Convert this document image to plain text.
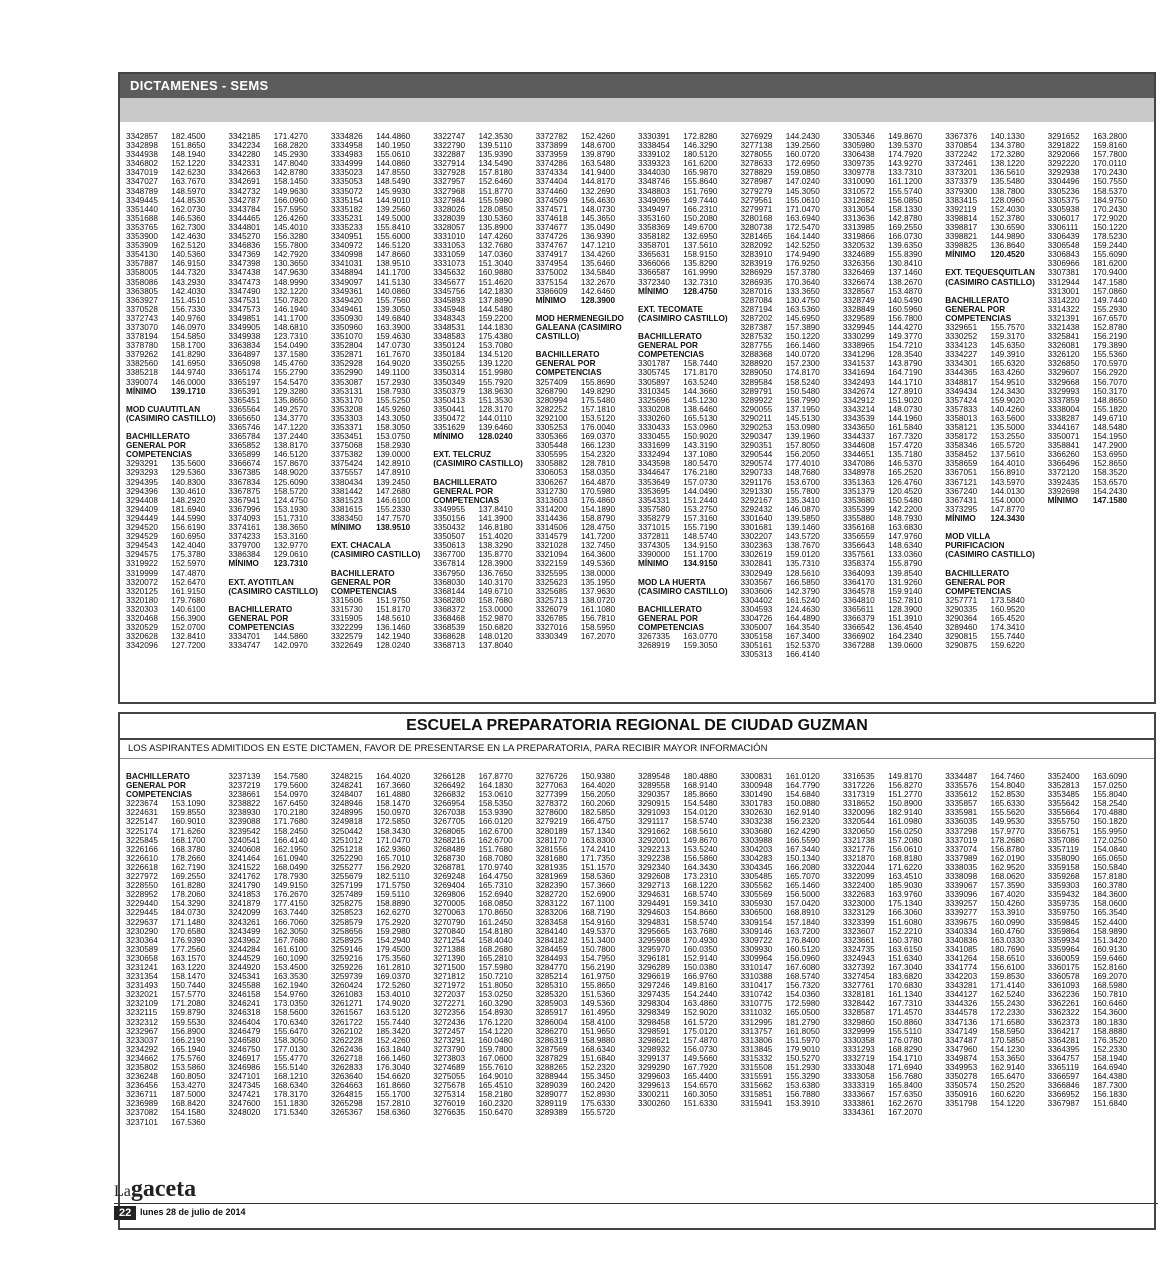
DICTAMENES - SEMS
3342857	182.4500
3342898	151.8650
3344938	148.1940
3346802	152.1220
3347019	142.6230
3347027	163.7670
3348789	148.5970
3349445	144.8530
3351440	162.0730
3351688	146.5360
3353765	162.7300
3353900	142.4630
3353909	162.5120
3354130	140.5360
3357887	146.9150
3358005	144.7320
3358086	143.2930
3363805	142.4030
3363927	151.4510
3370528	156.7330
3372743	140.9760
3373070	146.0970
3378194	154.5850
3378780	158.1700
3379262	141.8290
3382560	141.6950
3385218	144.9740
3390074	146.0000
MÍNIMO	139.1710
MOD CUAUTITLAN
(CASIMIRO CASTILLO)
BACHILLERATO
GENERAL POR
COMPETENCIAS
3293291	135.5600
3293293	129.5360
3294395	140.8300
3294396	130.4610
3294408	148.2920
3294409	181.6940
3294449	144.5990
3294520	156.6190
3294529	160.6950
3294543	142.4040
3294575	175.3780
3319922	152.5970
3319999	147.4870
3320072	152.6470
3320125	161.9150
3320180	179.7680
3320303	140.6100
3320468	156.3900
3320529	152.0700
3320628	132.8410
3342096	127.7200
3342185	171.4270
3342234	168.2820
3342280	145.2930
3342331	147.8040
3342663	142.8780
3342691	158.1450
3342732	149.9630
3342787	166.0960
3343784	157.5950
3344465	126.4260
3344801	145.4010
3345270	156.3280
3346836	155.7800
3347369	142.7920
3347398	130.3650
3347438	147.9630
3347473	148.9990
3347490	132.1220
3347531	150.7820
3347573	146.1940
3349851	141.1700
3349905	148.6810
3349938	123.7310
3363834	154.0490
3364897	137.1580
3365098	145.4760
3365174	155.2790
3365197	154.5470
3365391	129.3280
3365451	135.8650
3365564	149.2570
3365650	134.3770
3365746	147.1220
3365784	137.2440
3365852	138.8170
3365899	146.5120
3366674	157.8670
3367385	148.9020
3367834	125.6090
3367875	158.5720
3367941	124.4750
3367996	153.1930
3374093	151.7310
3374161	138.3650
3374233	153.3160
3379700	132.9770
3386384	129.0610
MÍNIMO	123.7310
EXT. AYOTITLAN
(CASIMIRO CASTILLO)
BACHILLERATO
GENERAL POR
COMPETENCIAS
3334701	144.5860
3334747	142.0970
3334826	144.4860
3334958	140.1950
3334983	155.0610
3334999	144.0860
3335023	147.8550
3335053	148.5490
3335072	145.9930
3335154	144.9010
3335182	139.2560
3335231	149.5000
3335233	155.8410
3340951	155.6000
3340972	146.5120
3340998	147.8660
3341031	138.9510
3348894	141.1700
3349097	141.5130
3349361	140.0860
3349420	155.7560
3349461	139.3050
3350930	149.6840
3350960	163.3900
3351070	159.4630
3352804	147.0730
3352871	161.7670
3352928	164.9020
3352990	149.1100
3353087	157.2930
3353131	158.7930
3353170	155.5250
3353208	145.9260
3353303	143.3050
3353371	158.3050
3353451	153.0750
3375068	158.2930
3375382	139.0000
3375424	142.8910
3375557	147.8910
3380434	139.2450
3381442	147.2680
3381523	146.6100
3381615	155.2330
3383450	147.7570
MÍNIMO	138.9510
EXT. CHACALA
(CASIMIRO CASTILLO)
BACHILLERATO
GENERAL POR
COMPETENCIAS
3315606	151.9750
3315730	151.8170
3315905	148.5610
3322299	136.1460
3322579	142.1940
3322649	128.0240
3322747	142.3530
3322790	139.5110
3322887	135.9390
3327914	134.5490
3327928	157.8180
3327957	152.6460
3327968	151.8770
3327984	155.5980
3328026	128.0850
3328039	130.5360
3328057	135.8900
3331010	147.4260
3331053	132.7680
3331059	147.0360
3331073	151.3040
3345632	160.9880
3345677	151.4620
3345756	142.1830
3345893	137.8890
3345948	144.5480
3348343	159.2200
3348531	144.1830
3348583	175.4380
3350124	153.7080
3350184	134.5120
3350255	139.1220
3350314	151.9980
3350349	155.7920
3350379	138.9630
3350413	151.3530
3350441	128.3170
3350472	144.0110
3351629	139.6460
MÍNIMO	128.0240
EXT. TELCRUZ
(CASIMIRO CASTILLO)
BACHILLERATO
GENERAL POR
COMPETENCIAS
3349955	137.8410
3350156	141.3900
3350432	146.8180
3350507	151.4020
3350613	138.3290
3367700	135.8770
3367814	128.3900
3367950	136.7650
3368030	140.3170
3368144	149.6710
3368280	158.7680
3368372	153.0000
3368468	152.9870
3368539	150.6820
3368628	148.0120
3368713	137.8040
3372782	152.4260
3373899	148.6700
3373959	139.8790
3374286	163.5480
3374334	141.9400
3374404	144.8170
3374460	132.2690
3374509	156.4630
3374571	148.0730
3374618	145.3650
3374677	135.0490
3374726	136.9390
3374767	147.1210
3374917	134.4260
3374954	135.6460
3375002	134.5840
3375154	132.2670
3386609	142.6460
MÍNIMO	128.3900
MOD HERMENEGILDO
GALEANA (CASIMIRO
CASTILLO)
BACHILLERATO
GENERAL POR
COMPETENCIAS
3257409	155.8690
3268790	149.8290
3280994	175.5480
3282252	157.1810
3292100	153.5120
3305253	176.0040
3305366	169.0370
3305448	166.1230
3305595	154.2320
3305882	128.7810
3306053	158.0350
3306267	164.4870
3312730	170.5980
3313603	176.4860
3314200	154.1890
3314436	158.8790
3314506	128.4750
3314579	141.7200
3321028	132.7450
3321094	164.3600
3322159	149.5360
3325595	138.0000
3325623	135.1950
3325685	137.9630
3325713	138.0720
3326079	161.1080
3326785	156.7810
3327016	158.5950
3330349	167.2070
3330391	172.8280
3338454	146.3290
3339102	180.5120
3339323	161.6200
3344030	165.9870
3348746	155.8640
3348803	151.7690
3349096	149.7440
3349497	166.2310
3353160	150.2080
3358369	149.6700
3358182	132.6950
3358701	137.5610
3365631	158.9150
3366066	135.8290
3366587	161.9990
3372340	132.7310
MÍNIMO	128.4750
EXT. TECOMATE
(CASIMIRO CASTILLO)
BACHILLERATO
GENERAL POR
COMPETENCIAS
3301787	158.7440
3305745	171.8170
3305897	163.5240
3310345	144.3660
3325696	145.1230
3330208	138.6460
3330260	165.5130
3330433	153.0960
3330455	150.9020
3331699	143.3190
3332494	137.1080
3343598	180.5470
3344647	176.2180
3353649	157.0730
3353695	144.0490
3354331	151.2440
3357580	153.2750
3358279	157.3160
3371015	155.7190
3372811	148.5740
3374305	134.9150
3390000	151.1700
MÍNIMO	134.9150
MOD LA HUERTA
(CASIMIRO CASTILLO)
BACHILLERATO
GENERAL POR
COMPETENCIAS
3267335	163.0770
3268919	159.3050
3276929	144.2430
3277138	139.2560
3278055	160.0720
3278633	172.6950
3278829	159.0850
3278987	147.0240
3279279	145.3050
3279561	155.0610
3279971	171.0470
3280168	163.6940
3280738	172.5470
3281465	164.1440
3282092	142.5250
3283910	174.9490
3283919	176.9250
3286929	157.3780
3286935	170.3640
3287016	133.3650
3287084	130.4750
3287194	163.5360
3287202	145.6950
3287387	157.3890
3287532	150.1220
3287755	166.1460
3288368	140.0720
3288920	157.2300
3289050	174.8170
3289584	158.5240
3289791	150.5480
3289922	158.7990
3290055	137.1950
3290211	145.5130
3290253	153.0980
3290347	139.1960
3290351	157.8050
3290544	156.2050
3290574	177.4010
3290733	148.7680
3291176	153.6700
3291330	155.7800
3292167	135.3410
3292432	146.0870
3301640	139.5850
3301681	139.1460
3302207	143.5720
3302363	138.7670
3302619	159.0120
3302841	135.7310
3302949	128.5610
3303567	166.5850
3303606	142.3790
3304402	161.5240
3304593	124.4630
3304726	164.4890
3305007	164.3540
3305158	167.3400
3305161	152.5370
3305313	166.4140
3305346	149.8670
3305980	139.5370
3306438	174.7920
3309735	143.9270
3309778	133.7310
3310090	161.1200
3310572	155.5740
3312682	156.0850
3313054	158.1330
3313636	142.8780
3313985	169.2550
3319866	166.0730
3320532	139.6350
3324689	155.8390
3326356	130.8410
3326469	137.1460
3326674	138.2670
3328567	153.4870
3328749	140.5490
3328849	160.5960
3329589	156.7800
3329945	144.4270
3330299	149.3770
3338965	154.7210
3341296	128.3540
3341537	143.8790
3341694	164.7190
3342493	144.1710
3342674	127.8910
3342912	151.9020
3343214	148.0730
3343539	144.1960
3343650	161.5840
3344337	167.7320
3344608	157.4720
3344651	135.7180
3347086	146.5370
3348978	165.2520
3351363	126.4760
3351379	120.4520
3353680	150.5480
3355399	142.2200
3355880	148.7930
3356168	163.6830
3356559	147.9760
3356643	148.6340
3357561	133.0360
3358374	155.8790
3364093	139.8540
3364170	131.9260
3364578	159.9140
3364810	152.7810
3365611	128.3900
3366379	151.3910
3366542	136.4540
3366902	164.2340
3367288	139.0600
3367376	140.1330
3370854	134.3780
3372242	172.3280
3372461	138.1220
3373201	136.5610
3373379	135.5480
3379300	138.7800
3383415	128.0960
3392119	152.4030
3398814	152.3780
3398817	130.6590
3398821	144.9890
3398825	136.8640
MÍNIMO	120.4520
EXT. TEQUESQUITLAN
(CASIMIRO CASTILLO)
BACHILLERATO
GENERAL POR
COMPETENCIAS
3329651	155.7570
3330252	159.3170
3334123	145.6350
3334227	149.3910
3334301	165.6320
3344365	163.4260
3348817	154.9510
3349434	124.3430
3357424	159.9020
3357833	140.4260
3358013	163.5600
3358121	135.5000
3358172	153.2550
3358346	165.5720
3358452	137.5610
3358659	164.4010
3367051	156.8910
3367121	143.5970
3367240	144.0130
3367431	154.0000
3373295	147.8770
MÍNIMO	124.3430
MOD VILLA
PURIFICACION
(CASIMIRO CASTILLO)
BACHILLERATO
GENERAL POR
COMPETENCIAS
3257771	173.5840
3290335	160.9520
3290364	165.4520
3289460	174.3410
3290815	155.7440
3290875	159.6220
3291652	163.2800
3291822	159.8160
3292066	157.7800
3292220	170.0110
3292938	170.2430
3304496	150.7550
3305236	158.5370
3305375	184.9750
3305938	170.2430
3306017	172.9020
3306111	150.1220
3306439	178.5230
3306548	159.2440
3306843	155.6090
3306966	181.6200
3307381	170.9400
3312944	147.1580
3313001	157.0860
3314220	149.7440
3314322	155.2930
3321391	167.6570
3321438	152.8780
3325841	156.2190
3326081	179.3890
3326120	155.5360
3326850	170.5970
3329607	156.2920
3329668	156.7070
3329993	150.3170
3337859	148.8650
3338004	155.1820
3338287	149.6710
3344167	148.5480
3350071	154.1950
3358841	147.2900
3366260	153.6950
3366496	152.8650
3372120	158.3520
3392435	153.6570
3392698	154.2430
MÍNIMO	147.1580
ESCUELA PREPARATORIA REGIONAL DE CIUDAD GUZMAN
LOS ASPIRANTES ADMITIDOS EN ESTE DICTAMEN, FAVOR DE PRESENTARSE EN LA PREPARATORIA, PARA RECIBIR MAYOR INFORMACIÓN
BACHILLERATO
GENERAL POR
COMPETENCIAS
3223674	153.1090
3224631	159.8550
3225147	160.9010
3225174	171.6260
3225845	168.1700
3226166	168.3780
3226610	178.2660
3226618	162.7190
3227972	169.2550
3228550	161.8280
3228952	178.2060
3229440	154.3290
3229445	184.0730
3229637	171.1480
3230290	170.6580
3230364	176.9390
3230589	177.2560
3230658	163.1570
3231241	163.1220
3231354	158.1470
3231493	150.7440
3232021	157.5770
3232109	171.2080
3232115	159.8790
3232312	159.5530
3232967	156.8900
3233037	166.2190
3234292	165.1940
3234662	175.5760
3235802	153.5860
3236248	160.8050
3236456	153.4270
3236711	187.5000
3236989	168.8420
3237082	154.1580
3237101	167.5360
3237139	154.7580
3237219	179.5600
3238661	154.0970
3238822	167.6450
3238930	170.2180
3239088	171.7680
3239542	158.2450
3240541	166.4140
3240608	162.1950
3241464	161.0940
3241522	168.0490
3241762	178.7930
3241790	149.9150
3241853	176.2670
3241879	177.4150
3242099	163.7440
3243261	166.7060
3243499	162.3050
3243962	167.7680
3244284	161.6100
3244529	160.1090
3244920	153.4500
3245341	163.3530
3245588	162.1940
3246158	154.9760
3246241	173.0350
3246318	158.5600
3246404	170.6340
3246479	155.6470
3246580	158.3050
3246750	177.0130
3246917	155.4770
3246986	155.5140
3247101	168.1210
3247345	168.6340
3247421	178.3170
3247600	151.1830
3248020	171.5340
3248215	164.4020
3248241	167.3660
3248407	161.4880
3248946	158.1470
3248995	150.0970
3249818	172.5850
3250442	158.3430
3251012	171.0470
3251218	162.9360
3252290	165.7010
3255277	156.2920
3255679	182.5110
3257199	171.5750
3257489	159.5110
3258275	158.8890
3258523	162.6270
3258579	175.2920
3258656	159.2980
3258925	154.2940
3259146	179.4500
3259216	175.3560
3259226	161.2810
3259739	169.0370
3260424	172.5260
3261083	153.4010
3261271	174.9020
3261567	163.5120
3261722	155.7440
3262102	185.3420
3262228	152.4260
3262436	163.1840
3262718	166.1460
3262833	176.3040
3263640	154.6620
3264663	161.8660
3264815	155.1700
3265298	157.2810
3265367	158.6360
3266128	167.8770
3266492	164.1830
3266832	153.0610
3266954	158.5350
3267038	153.9390
3267705	166.0120
3268065	162.6700
3268216	162.6700
3268489	151.7680
3268730	168.7080
3268781	170.9740
3269248	164.4750
3269404	165.7310
3269806	152.6940
3270005	168.0850
3270063	170.8650
3270790	161.2450
3270840	154.8180
3271254	158.4040
3271388	168.2680
3271390	165.2810
3271500	157.5980
3271812	150.7210
3271972	151.8050
3272037	153.0250
3272271	160.3290
3272356	154.8930
3272436	176.1220
3272457	154.1220
3273291	160.0480
3273790	159.7800
3273803	167.0600
3274689	155.7610
3275055	164.9010
3275678	165.4510
3275314	158.2180
3276019	160.2320
3276635	150.6470
3276726	150.9380
3277063	164.4020
3277399	156.2050
3278372	160.2060
3278600	182.5850
3279219	166.4750
3280189	157.1340
3281170	163.8300
3281556	174.2410
3281680	171.7350
3281935	151.1570
3281969	158.5360
3282390	157.3660
3282720	152.6900
3283122	167.1100
3283206	168.7190
3283458	154.9160
3284140	149.5370
3284182	151.3400
3284459	150.7800
3284493	154.7950
3284770	156.2190
3285214	161.9750
3285310	155.8650
3285320	151.5360
3285903	149.5360
3285917	161.4950
3286004	158.4100
3286270	151.9650
3286319	158.9880
3287569	168.6340
3287829	151.6840
3288265	152.2320
3288944	155.3450
3289039	160.2420
3289077	152.8930
3289119	175.6330
3289389	155.5720
3289548	180.4880
3289558	168.9140
3290357	185.8660
3290915	154.5480
3291093	154.0120
3291117	158.5740
3291662	168.5610
3292001	149.8670
3292213	153.5240
3292238	156.5860
3292340	164.3430
3292608	173.2310
3292713	168.1220
3294631	168.5740
3294491	159.3410
3294603	154.8660
3294831	158.5740
3295665	163.7680
3295908	170.4930
3295970	160.0350
3296181	152.9140
3296289	150.0380
3296619	166.9760
3297246	149.8160
3297435	154.2440
3298304	163.4860
3298349	152.9020
3298458	161.5720
3298591	175.0120
3298621	157.4870
3298932	156.0730
3299137	149.5660
3299290	167.7920
3299603	165.4400
3299613	154.6570
3300211	160.3050
3300260	151.6330
3300831	161.0120
3300948	164.7790
3301490	154.6840
3301783	150.0880
3302630	162.9140
3303238	156.2320
3303680	162.4290
3303988	166.5590
3304203	167.3440
3304283	150.1340
3304345	166.2080
3305485	165.7070
3305562	165.1460
3305569	156.5000
3305930	157.0420
3306500	168.8910
3309154	157.1840
3309146	163.7200
3309722	176.8400
3309930	160.5120
3309964	156.0960
3310147	167.6080
3310388	168.5740
3310417	156.7320
3310742	154.0360
3310775	172.5980
3311032	165.0500
3312995	181.2790
3313757	161.8050
3313806	151.5970
3313845	179.9010
3315332	150.5270
3315508	151.2930
3315591	155.3290
3315662	153.6380
3315851	156.7880
3315941	153.3910
3316535	149.8170
3317226	156.8270
3317319	151.2770
3318652	150.8900
3320096	182.9140
3320544	161.0980
3320650	156.0250
3321738	157.2080
3321776	156.0610
3321870	168.8180
3322044	171.6220
3322099	163.4510
3322400	185.9030
3322683	163.9760
3323000	175.1340
3323129	166.3060
3323399	151.6080
3323607	152.2210
3323661	160.3780
3324735	163.6150
3324943	151.6340
3327392	167.3040
3327454	183.6820
3327761	170.6830
3328181	161.1340
3328442	167.7310
3328587	171.4570
3329860	150.8860
3329999	155.5110
3330358	176.0780
3331293	168.8290
3332719	154.1710
3333048	171.6940
3333058	156.7680
3333319	165.8400
3333667	157.6350
3333861	162.2670
3334361	167.2070
3334487	164.7460
3335576	154.8040
3335612	152.8530
3335857	165.6330
3335981	155.5620
3336035	149.9530
3337298	157.9770
3337019	178.2680
3337074	156.8780
3337989	162.0190
3338035	162.9520
3338098	168.0620
3339067	157.3590
3339096	167.4020
3339257	150.4260
3339277	153.3910
3339675	160.0990
3340334	160.4760
3340836	163.0330
3341085	180.7690
3341264	158.6510
3341774	156.6100
3342203	159.8530
3343281	171.4140
3344127	162.5240
3344326	155.2430
3344578	172.2330
3347136	171.6580
3347149	158.5950
3347487	170.5850
3347960	154.1230
3349874	153.3650
3349953	162.9140
3350278	165.6470
3350574	150.2520
3350916	160.6220
3351798	154.1220
3352400	163.6090
3352813	157.0250
3353485	155.8040
3355642	158.2540
3355664	170.4880
3355750	150.1820
3356751	155.9950
3357086	172.0250
3357119	154.0840
3358090	165.0650
3359158	150.5840
3359268	157.8180
3359303	160.3780
3359432	184.3600
3359735	158.0600
3359750	165.3540
3359845	152.4400
3359864	158.9890
3359934	151.3420
3359964	160.9130
3360059	159.6460
3360175	152.8160
3360578	169.2070
3361093	168.5980
3362236	150.7810
3362261	160.6460
3362322	154.3600
3362373	180.1830
3364217	158.8880
3364281	176.3520
3364395	152.2330
3364757	158.1940
3365119	164.6940
3366597	164.4380
3366846	187.7300
3366952	156.1830
3367987	151.6840
Lagaceta
22 lunes 28 de julio de 2014
